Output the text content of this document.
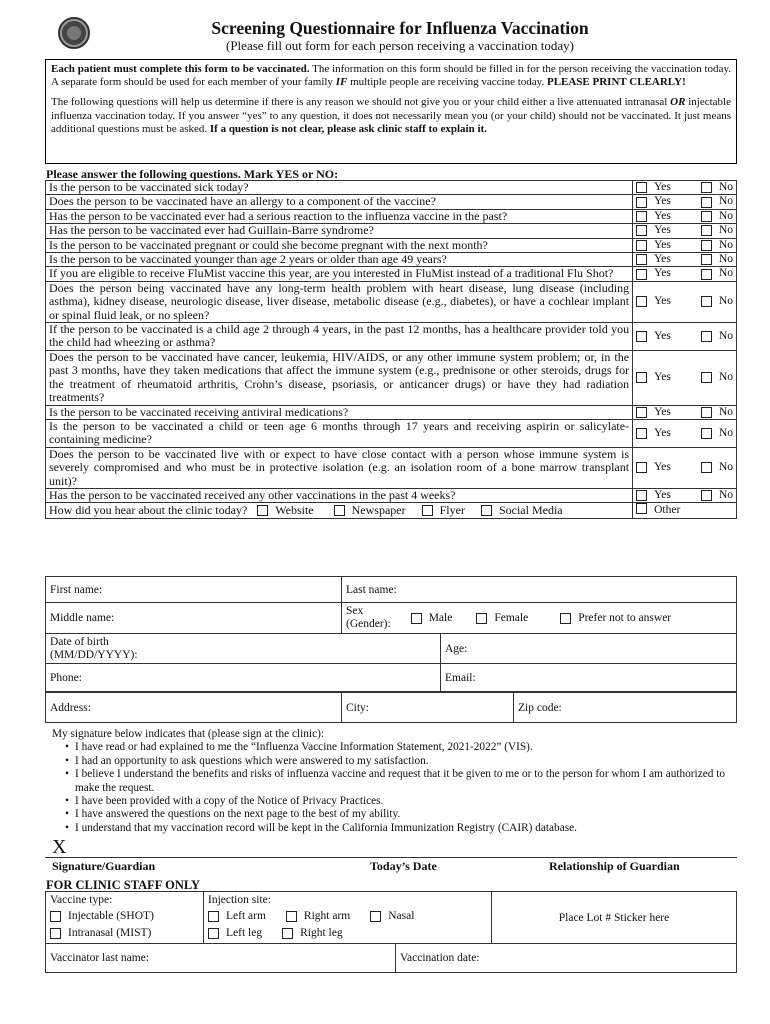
Screening Questionnaire for Influenza Vaccination
(Please fill out form for each person receiving a vaccination today)

Each patient must complete this form to be vaccinated. The information on this form should be filled in for the person receiving the vaccination today. A separate form should be used for each member of your family IF multiple people are receiving vaccine today. PLEASE PRINT CLEARLY!

The following questions will help us determine if there is any reason we should not give you or your child either a live attenuated intranasal OR injectable influenza vaccination today. If you answer “yes” to any question, it does not necessarily mean you (or your child) should not be vaccinated. It just means additional questions must be asked. If a question is not clear, please ask clinic staff to explain it.

Please answer the following questions. Mark YES or NO:
Is the person to be vaccinated sick today?	Yes No

Does the person to be vaccinated have an allergy to a component of the vaccine?	Yes No

Has the person to be vaccinated ever had a serious reaction to the influenza vaccine in the past?	Yes No

Has the person to be vaccinated ever had Guillain-Barre syndrome?	Yes No

Is the person to be vaccinated pregnant or could she become pregnant with the next month?	Yes No

Is the person to be vaccinated younger than age 2 years or older than age 49 years?	Yes No

If you are eligible to receive FluMist vaccine this year, are you interested in FluMist instead of a traditional Flu Shot?	Yes No

Does the person being vaccinated have any long-term health problem with heart disease, lung disease (including asthma), kidney disease, neurologic disease, liver disease, metabolic disease (e.g., diabetes), or have a cochlear implant or spinal fluid leak, or no spleen?	Yes No

If the person to be vaccinated is a child age 2 through 4 years, in the past 12 months, has a healthcare provider told you the child had wheezing or asthma?	Yes No

Does the person to be vaccinated have cancer, leukemia, HIV/AIDS, or any other immune system problem; or, in the past 3 months, have they taken medications that affect the immune system (e.g., prednisone or other steroids, drugs for the treatment of rheumatoid arthritis, Crohn’s disease, psoriasis, or anticancer drugs) or have they had radiation treatments?	Yes No

Is the person to be vaccinated receiving antiviral medications?	Yes No

Is the person to be vaccinated a child or teen age 6 months through 17 years and receiving aspirin or salicylate-containing medicine?	Yes No

Does the person to be vaccinated live with or expect to have close contact with a person whose immune system is severely compromised and who must be in protective isolation (e.g. an isolation room of a bone marrow transplant unit)?	Yes No

Has the person to be vaccinated received any other vaccinations in the past 4 weeks?	Yes No

How did you hear about the clinic today? Website Newspaper Flyer Social Media	Other
First name:	Last name:	
Middle name:	Sex
(Gender): Male Female Prefer not to answer	

Date of birth
(MM/DD/YYYY):		Age:
Phone:		Email:
Address:	City:	Zip code:
My signature below indicates that (please sign at the clinic):
• I have read or had explained to me the “Influenza Vaccine Information Statement, 2021-2022” (VIS).
• I had an opportunity to ask questions which were answered to my satisfaction.
• I believe I understand the benefits and risks of influenza vaccine and request that it be given to me or to the person for whom I am authorized to make the request.
• I have been provided with a copy of the Notice of Privacy Practices.
• I have answered the questions on the next page to the best of my ability.
• I understand that my vaccination record will be kept in the California Immunization Registry (CAIR) database.
X
Signature/Guardian	Today’s Date	Relationship of Guardian
FOR CLINIC STAFF ONLY
Vaccine type:
Injectable (SHOT)
Intranasal (MIST)

Injection site:
Left arm	Right arm	Nasal
Left leg	Right leg
	Place Lot # Sticker here
Vaccinator last name:	Vaccination date:
